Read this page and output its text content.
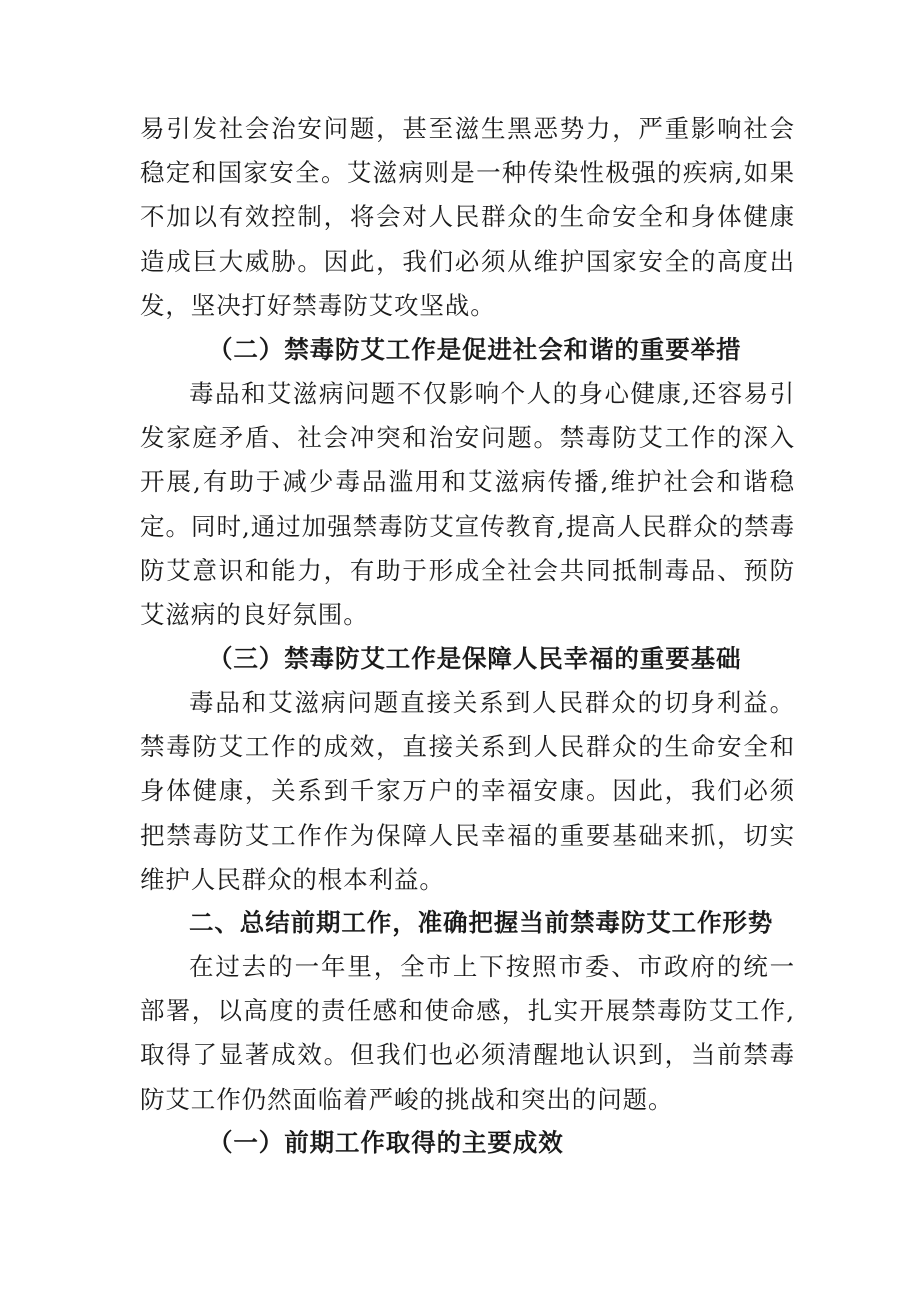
易引发社会治安问题，甚至滋生黑恶势力，严重影响社会稳定和国家安全。艾滋病则是一种传染性极强的疾病,如果不加以有效控制，将会对人民群众的生命安全和身体健康造成巨大威胁。因此，我们必须从维护国家安全的高度出发，坚决打好禁毒防艾攻坚战。

（二）禁毒防艾工作是促进社会和谐的重要举措

毒品和艾滋病问题不仅影响个人的身心健康,还容易引发家庭矛盾、社会冲突和治安问题。禁毒防艾工作的深入开展,有助于减少毒品滥用和艾滋病传播,维护社会和谐稳定。同时,通过加强禁毒防艾宣传教育,提高人民群众的禁毒防艾意识和能力，有助于形成全社会共同抵制毒品、预防艾滋病的良好氛围。

（三）禁毒防艾工作是保障人民幸福的重要基础

毒品和艾滋病问题直接关系到人民群众的切身利益。禁毒防艾工作的成效，直接关系到人民群众的生命安全和身体健康，关系到千家万户的幸福安康。因此，我们必须把禁毒防艾工作作为保障人民幸福的重要基础来抓，切实维护人民群众的根本利益。

二、总结前期工作，准确把握当前禁毒防艾工作形势

在过去的一年里，全市上下按照市委、市政府的统一部署，以高度的责任感和使命感，扎实开展禁毒防艾工作,取得了显著成效。但我们也必须清醒地认识到，当前禁毒防艾工作仍然面临着严峻的挑战和突出的问题。

（一）前期工作取得的主要成效
